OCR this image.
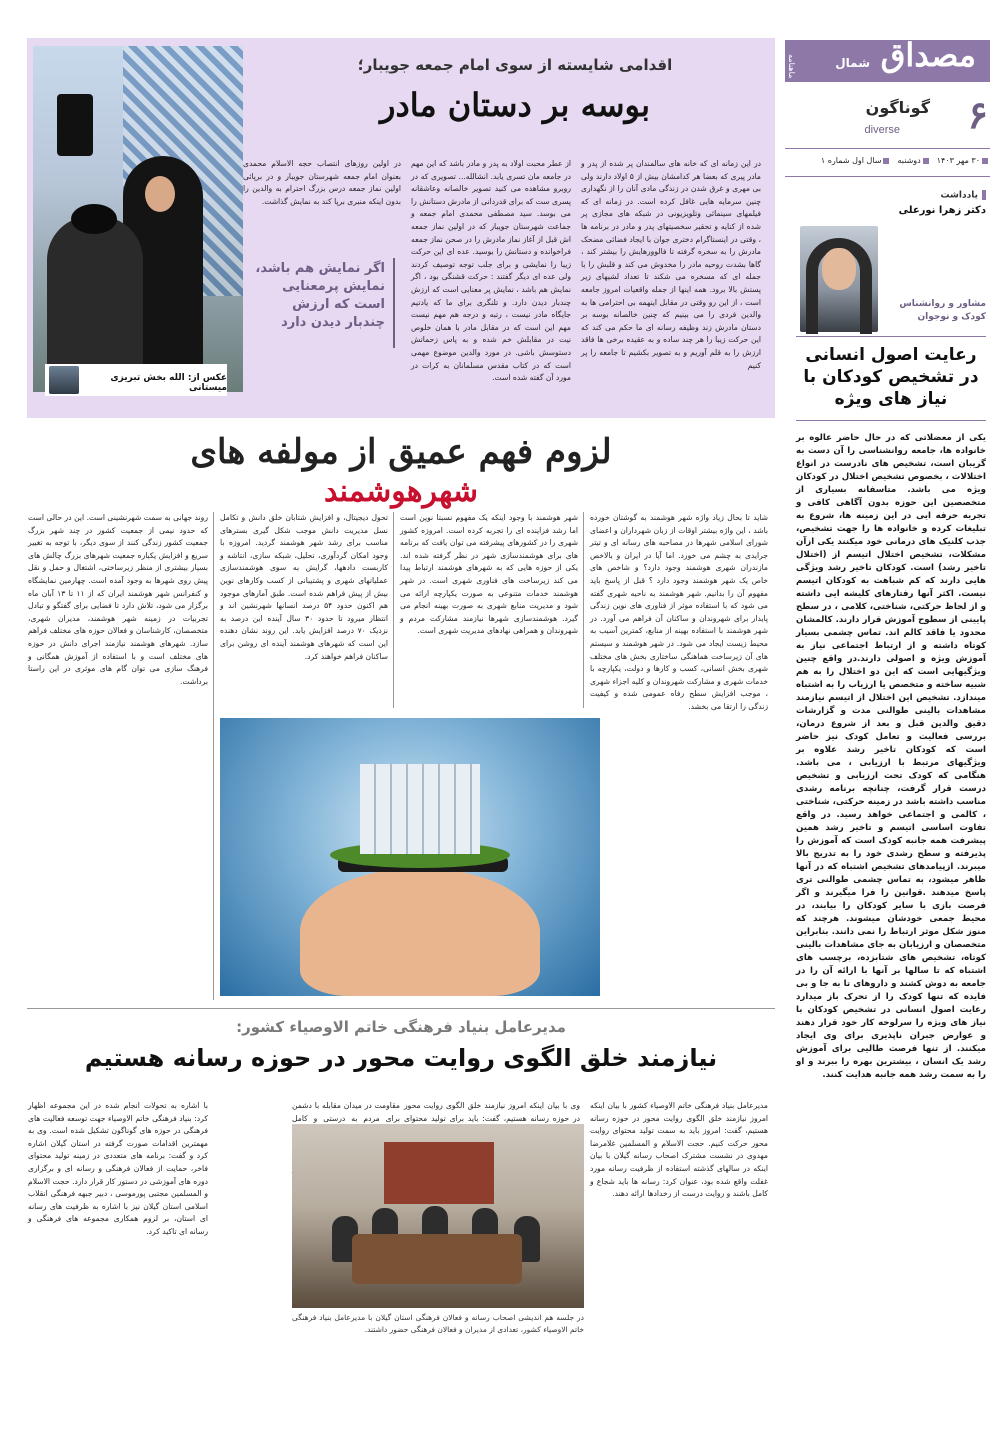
مصداق
شمال
ماهنامه
۶
گوناگون
diverse
۳۰ مهر ۱۴۰۳
دوشنبه
سال اول شماره ۱
یادداشت
دکتر زهرا نورعلی
مشاور و روانشناس کودک و نوجوان
رعایت اصول انسانی در تشخیص کودکان با نیاز های ویژه
یکی از معضلاتی که در حال حاضر عالوه بر خانواده ها، جامعه روانشناسی را آن دست به گریبان است، تشخیص های نادرست در انواع اختلالات ، بخصوص تشخیص اختلال در کودکان ویژه می باشد. متاسفانه بسیاری از متخصصین این حوزه بدون آگاهی کافی و تجربه حرفه ایی در این زمینه ها، شروع به تبلیغات کرده و خانواده ها را جهت تشخیص، جذب کلنیک های درمانی خود میکنند یکی ازآن مشکلات، تشخیص اختلال اتیسم از (اختلال تاخیر رشد) است. کودکان تاخیر رشد ویژگی هایی دارند که کم شباهت به کودکان اتیسم نیست. اکثر آنها رفتارهای کلیشه ایی داشته و از لحاظ حرکتی، شناختی، کلامی ، در سطح پایینی از سطوح آموزش قرار دارند. کالمشان محدود یا فاقد کالم اند. تماس چشمی بسیار کوتاه داشته و از ارتباط اجتماعی نیاز به آموزش ویژه و اصولی دارند.در واقع چنین ویژگیهایی است که این دو اختلال را به هم شبیه ساخته و متخصص یا ارزیاب را به اشتباه میندازد. تشخیص این اختلال از اتیسم نیازمند مشاهدات بالینی طوالنی مدت و گزارشات دقیق والدین قبل و بعد از شروع درمان، بررسی فعالیت و تعامل کودک نیز حاضر است که کودکان تاخیر رشد علاوه بر ویژگیهای مرتبط با ارزیابی ، می باشد. هنگامی که کودک تحت ارزیابی و تشخیص درست قرار گرفت، چنانچه برنامه رشدی مناسب داشته باشد در زمینه حرکتی، شناختی ، کالمی و اجتماعی خواهد رسید. در واقع تفاوت اساسی اتیسم و تاخیر رشد همین پیشرفت همه جانبه کودک است که آموزش را پذیرفته و سطح رشدی خود را به تدریج بالا میبرند. ازپیامدهای تشخیص اشتباه که در آنها ظاهر میشود، به تماس چشمی طوالنی تری پاسخ میدهند .قوانین را فرا میگیرند و اگر فرصت بازی با سایر کودکان را بیابند، در محیط جمعی خودشان میشوند. هرچند که منوز شکل موثر ارتباط را نمی دانند. بنابراین متخصصان و ارزیابان به جای مشاهدات بالینی کوتاه، تشخیص های شتابزده، برچسب های اشتباه که تا سالها بر آنها با ارائه آن را در جامعه به دوش کشند و داروهای تا به جا و بی فایده که تنها کودک را از تحرک باز میدارد رعایت اصول انسانی در تشخیص کودکان با نیاز های ویژه را سرلوحه کار خود قرار دهند و عوارض جبران ناپذیری برای وی ایجاد میکنند. از تنها فرصت طالیی برای آموزش رشد یک انسان ، بیشترین بهره را ببرند و او را به سمت رشد همه جانبه هدایت کنند.
اقدامی شایسته از سوی امام جمعه جویبار؛
بوسه بر دستان مادر
در این زمانه ای که خانه های سالمندان پر شده از پدر و مادر پیری که بعضا هر کدامشان بیش از ۵ اولاد دارند ولی بی مهری و غرق شدن در زندگی مادی آنان را از نگهداری چنین سرمایه هایی غافل کرده است. در زمانه ای که فیلمهای سینمائی وتلویزیونی در شبکه های مجازی پر شده از کنایه و تحقیر سخصیتهای پدر و مادر در برنامه ها ، وقتی در اینستاگرام دختری جوان با ایجاد فضائی مضحک مادرش را به سخره گرفته تا فالوورهایش را بیشتر کند ، گاها بشدت روحیه مادر را مخدوش می کند و قلبش را با جمله ای که مسخره می شکند تا تعداد لشیهای زیر پستش بالا برود. همه اینها از جمله واقعیات امروز جامعه است ، از این رو وقتی در مقابل اینهمه بی احترامی ها به والدین فردی را می بینیم که چنین خالصانه بوسه بر دستان مادرش زند وظیفه رسانه ای ما حکم می کند که این حرکت زیبا را هر چند ساده و به عقیده برخی ها فاقد ارزش را به قلم آوریم و به تصویر بکشیم تا جامعه را پر کنیم
از عطر محبت اولاد به پدر و مادر باشد که این مهم در جامعه مان تسری یابد. انشالله... تصویری که در روبرو مشاهده می کنید تصویر خالصانه وعاشقانه پسری ست که برای قدردانی از مادرش دستانش را می بوسد. سید مصطفی محمدی امام جمعه و جماعت شهرستان جویبار که در اولین نماز جمعه اش قبل از آغاز نماز مادرش را در صحن نماز جمعه فراخوانده و دستانش را بوسید. عده ای این حرکت زیبا را نمایشی و برای جلب توجه توصیف کردند ولی عده ای دیگر گفتند : حرکت قشنگی بود ، اگر نمایش هم باشد ، نمایش پر معنایی است که ارزش چندبار دیدن دارد. و تلنگری برای ما که یادتیم جایگاه مادر نیست ، رتبه و درجه هم مهم نیست مهم این است که در مقابل مادر با همان خلوص نیت در مقابلش خم شده و به پاس زحماتش دستوسش باشی. در مورد والدین موضوع مهمی است که در کتاب مقدس مسلمانان به کرات در مورد آن گفته شده است.
در اولین روزهای انتصاب حجه الاسلام محمدی بعنوان امام جمعه شهرستان جویبار و در برپائی اولین نماز جمعه درس بزرگ احترام به والدین را بدون اینکه منبری برپا کند به نمایش گذاشت.
اگر نمایش هم باشد، نمایش پرمعنایی است که ارزش چندبار دیدن دارد
عکس از: الله بخش تبریزی میستانی
لزوم فهم عمیق از مولفه های
شهرهوشمند
شاید تا بحال زیاد واژه شهر هوشمند به گوشتان خورده باشد ، این واژه بیشتر اوقات از زبان شهرداران و اعضای شورای اسلامی شهرها در مصاحبه های رسانه ای و تیتر جرایدی به چشم می خورد. اما آیا در ایران و بالاخص مازندران شهری هوشمند وجود دارد؟ و شاخص های خاص یک شهر هوشمند وجود دارد ؟ قبل از پاسخ باید مفهوم آن را بدانیم. شهر هوشمند به ناحیه شهری گفته می شود که با استفاده موثر از فناوری های نوین زندگی پایدار برای شهروندان و ساکنان آن فراهم می آورد. در شهر هوشمند با استفاده بهینه از منابع، کمترین آسیب به محیط زیست ایجاد می شود. در شهر هوشمند و سیستم های آن زیرساخت هماهنگی ساختاری بخش های مختلف شهری بخش انسانی، کسب و کارها و دولت، یکپارچه با خدمات شهری و مشارکت شهروندان و کلیه اجزاء شهری ، موجب افزایش سطح رفاه عمومی شده و کیفیت زندگی را ارتقا می بخشد.
شهر هوشمند با وجود اینکه یک مفهوم نسبتا نوین است اما رشد فزاینده ای را تجربه کرده است. امروزه کشور شهری را در کشورهای پیشرفته می توان یافت که برنامه های برای هوشمندسازی شهر در نظر گرفته شده اند. یکی از حوزه هایی که به شهرهای هوشمند ارتباط پیدا می کند زیرساخت های فناوری شهری است. در شهر هوشمند خدمات متنوعی به صورت یکپارچه ارائه می شود و مدیریت منابع شهری به صورت بهینه انجام می گیرد. هوشمندسازی شهرها نیازمند مشارکت مردم و شهروندان و همراهی نهادهای مدیریت شهری است.
تحول دیجیتال، و افزایش شتابان خلق دانش و تکامل نسل مدیریت دانش موجب شکل گیری بسترهای مناسب برای رشد شهر هوشمند گردید. امروزه با وجود امکان گردآوری، تحلیل، شبکه سازی، انتاشه و کاربست دادهها، گرایش به سوی هوشمندسازی عملیاتهای شهری و پشتیبانی از کسب وکارهای نوین بیش از پیش فراهم شده است. طبق آمارهای موجود هم اکنون حدود ۵۴ درصد انسانها شهرنشین اند و انتظار میرود تا حدود ۳۰ سال آینده این درصد به نزدیک ۷۰ درصد افزایش یابد. این روند نشان دهنده این است که شهرهای هوشمند آینده ای روشن برای ساکنان فراهم خواهند کرد.
روند جهانی به سمت شهرنشینی است. این در حالی است که حدود نیمی از جمعیت کشور در چند شهر بزرگ جمعیت کشور زندگی کنند از سوی دیگر، با توجه به تغییر سریع و افزایش یکباره جمعیت شهرهای بزرگ چالش های بسیار بیشتری از منظر زیرساختی، اشتغال و حمل و نقل پیش روی شهرها به وجود آمده است. چهارمین نمایشگاه و کنفرانس شهر هوشمند ایران که از ۱۱ تا ۱۳ آبان ماه برگزار می شود، تلاش دارد تا فضایی برای گفتگو و تبادل تجربیات در زمینه شهر هوشمند، مدیران شهری، متخصصان، کارشناسان و فعالان حوزه های مختلف فراهم سازد. شهرهای هوشمند نیازمند اجرای دانش در حوزه های مختلف است و با استفاده از آموزش همگانی و فرهنگ سازی می توان گام های موثری در این راستا برداشت.
مدیرعامل بنیاد فرهنگی خاتم الاوصیاء کشور:
نیازمند خلق الگوی روایت محور در حوزه رسانه هستیم
مدیرعامل بنیاد فرهنگی خاتم الاوصیاء کشور با بیان اینکه امروز نیازمند خلق الگوی روایت محور در حوزه رسانه هستیم، گفت: امروز باید به سمت تولید محتوای روایت محور حرکت کنیم. حجت الاسلام و المسلمین غلامرضا مهدوی در نشست مشترک اصحاب رسانه گیلان با بیان اینکه در سالهای گذشته استفاده از ظرفیت رسانه مورد غفلت واقع شده بود، عنوان کرد: رسانه ها باید شجاع و کامل باشند و روایت درست از رخدادها ارائه دهند.
وی با بیان اینکه امروز نیازمند خلق الگوی روایت محور در حوزه رسانه هستیم، گفت: باید برای تولید محتوای
مقاومت در میدان مقابله با دشمن برای مردم به درستی و کامل
با اشاره به تحولات انجام شده در این مجموعه اظهار کرد: بنیاد فرهنگی خاتم الاوصیاء جهت توسعه فعالیت های فرهنگی در حوزه های گوناگون تشکیل شده است. وی به مهمترین اقدامات صورت گرفته در استان گیلان اشاره کرد و گفت: برنامه های متعددی در زمینه تولید محتوای فاخر، حمایت از فعالان فرهنگی و رسانه ای و برگزاری دوره های آموزشی در دستور کار قرار دارد. حجت الاسلام و المسلمین مجتبی پورموسی ، دبیر جبهه فرهنگی انقلاب اسلامی استان گیلان نیز با اشاره به ظرفیت های رسانه ای استان، بر لزوم همکاری مجموعه های فرهنگی و رسانه ای تاکید کرد.
در جلسه هم اندیشی اصحاب رسانه و فعالان فرهنگی استان گیلان با مدیرعامل بنیاد فرهنگی خاتم الاوصیاء کشور، تعدادی از مدیران و فعالان فرهنگی حضور داشتند.
